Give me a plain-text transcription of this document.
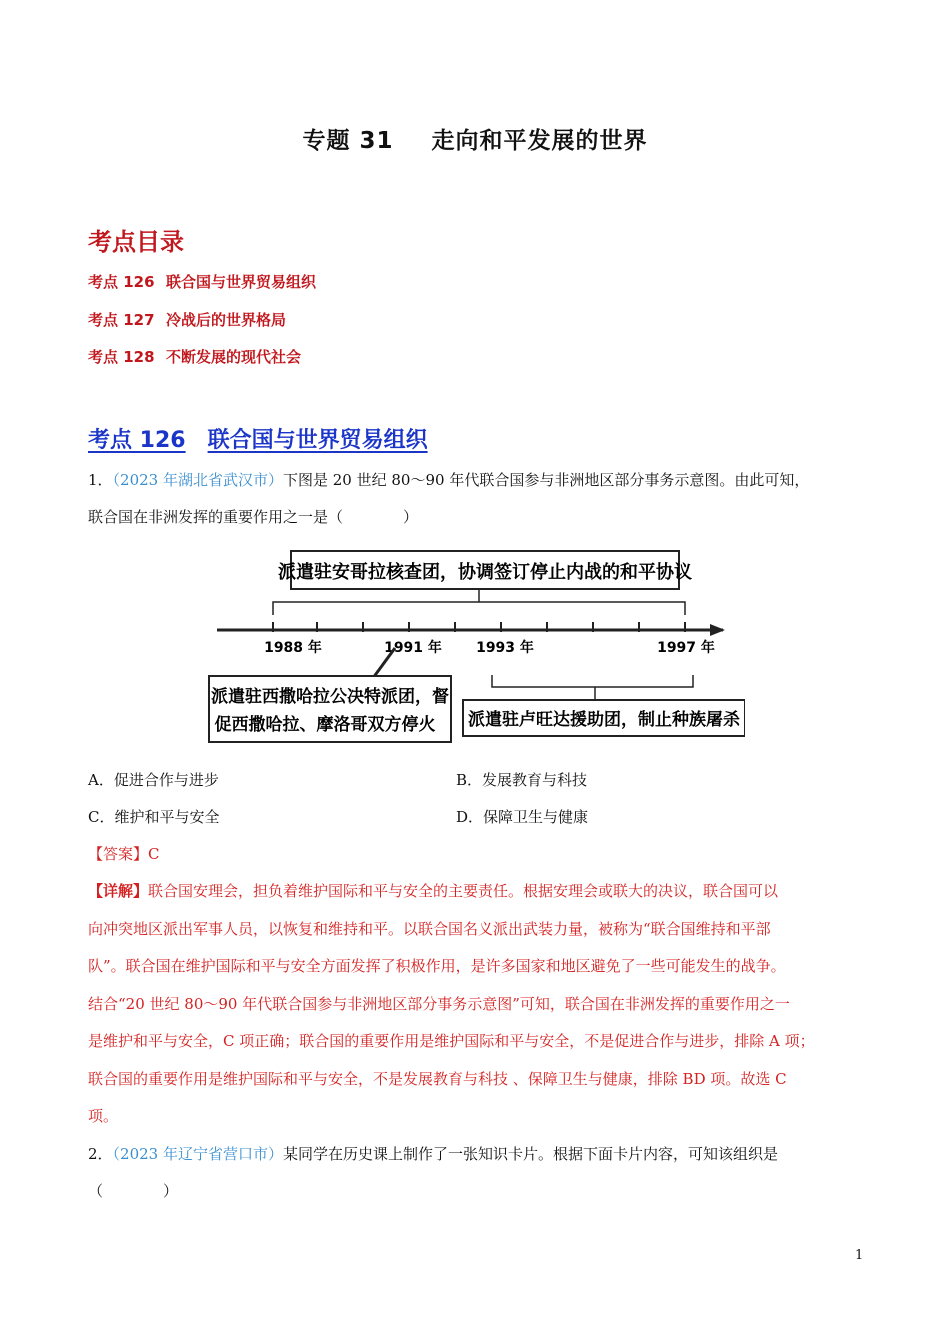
专题 31 走向和平发展的世界
考点目录
考点 126 联合国与世界贸易组织
考点 127 冷战后的世界格局
考点 128 不断发展的现代社会
考点 126 联合国与世界贸易组织
1．（2023 年湖北省武汉市）下图是 20 世纪 80～90 年代联合国参与非洲地区部分事务示意图。由此可知，
联合国在非洲发挥的重要作用之一是（　　　　）
派遣驻安哥拉核查团，协调签订停止内战的和平协议
1988 年	1991 年 1993 年	1997 年
派遣驻西撒哈拉公决特派团，督
促西撒哈拉、摩洛哥双方停火 派遣驻卢旺达援助团，制止种族屠杀
A．促进合作与进步	B．发展教育与科技
C．维护和平与安全	D．保障卫生与健康
【答案】C
【详解】联合国安理会，担负着维护国际和平与安全的主要责任。根据安理会或联大的决议，联合国可以
向冲突地区派出军事人员，以恢复和维持和平。以联合国名义派出武装力量，被称为“联合国维持和平部
队”。联合国在维护国际和平与安全方面发挥了积极作用，是许多国家和地区避免了一些可能发生的战争。
结合“20 世纪 80～90 年代联合国参与非洲地区部分事务示意图”可知，联合国在非洲发挥的重要作用之一
是维护和平与安全，C 项正确；联合国的重要作用是维护国际和平与安全，不是促进合作与进步，排除 A 项；
联合国的重要作用是维护国际和平与安全，不是发展教育与科技 、保障卫生与健康，排除 BD 项。故选 C
项。
2．（2023 年辽宁省营口市）某同学在历史课上制作了一张知识卡片。根据下面卡片内容，可知该组织是
（　　　　）
1
